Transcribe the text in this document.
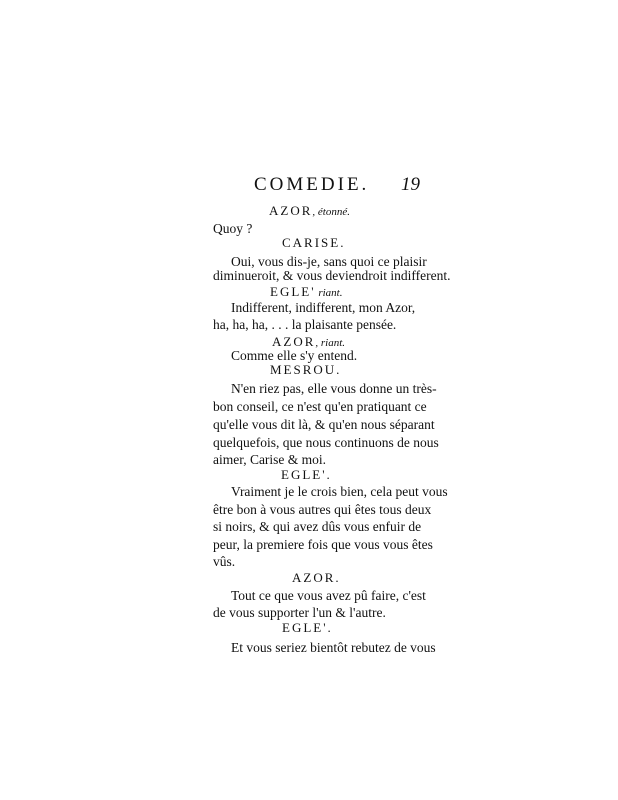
COMEDIE. 19
AZOR, étonné.
Quoy ?
CARISE.
Oui, vous dis-je, sans quoi ce plaisir
diminueroit, & vous deviendroit indifferent.
EGLE' riant.
Indifferent, indifferent, mon Azor,
ha, ha, ha, . . . la plaisante pensée.
AZOR, riant.
Comme elle s'y entend.
MESROU.
N'en riez pas, elle vous donne un très-
bon conseil, ce n'est qu'en pratiquant ce
qu'elle vous dit là, & qu'en nous séparant
quelquefois, que nous continuons de nous
aimer, Carise & moi.
EGLE'.
Vraiment je le crois bien, cela peut vous
être bon à vous autres qui êtes tous deux
si noirs, & qui avez dûs vous enfuir de
peur, la premiere fois que vous vous êtes
vûs.
AZOR.
Tout ce que vous avez pû faire, c'est
de vous supporter l'un & l'autre.
EGLE'.
Et vous seriez bientôt rebutez de vous
